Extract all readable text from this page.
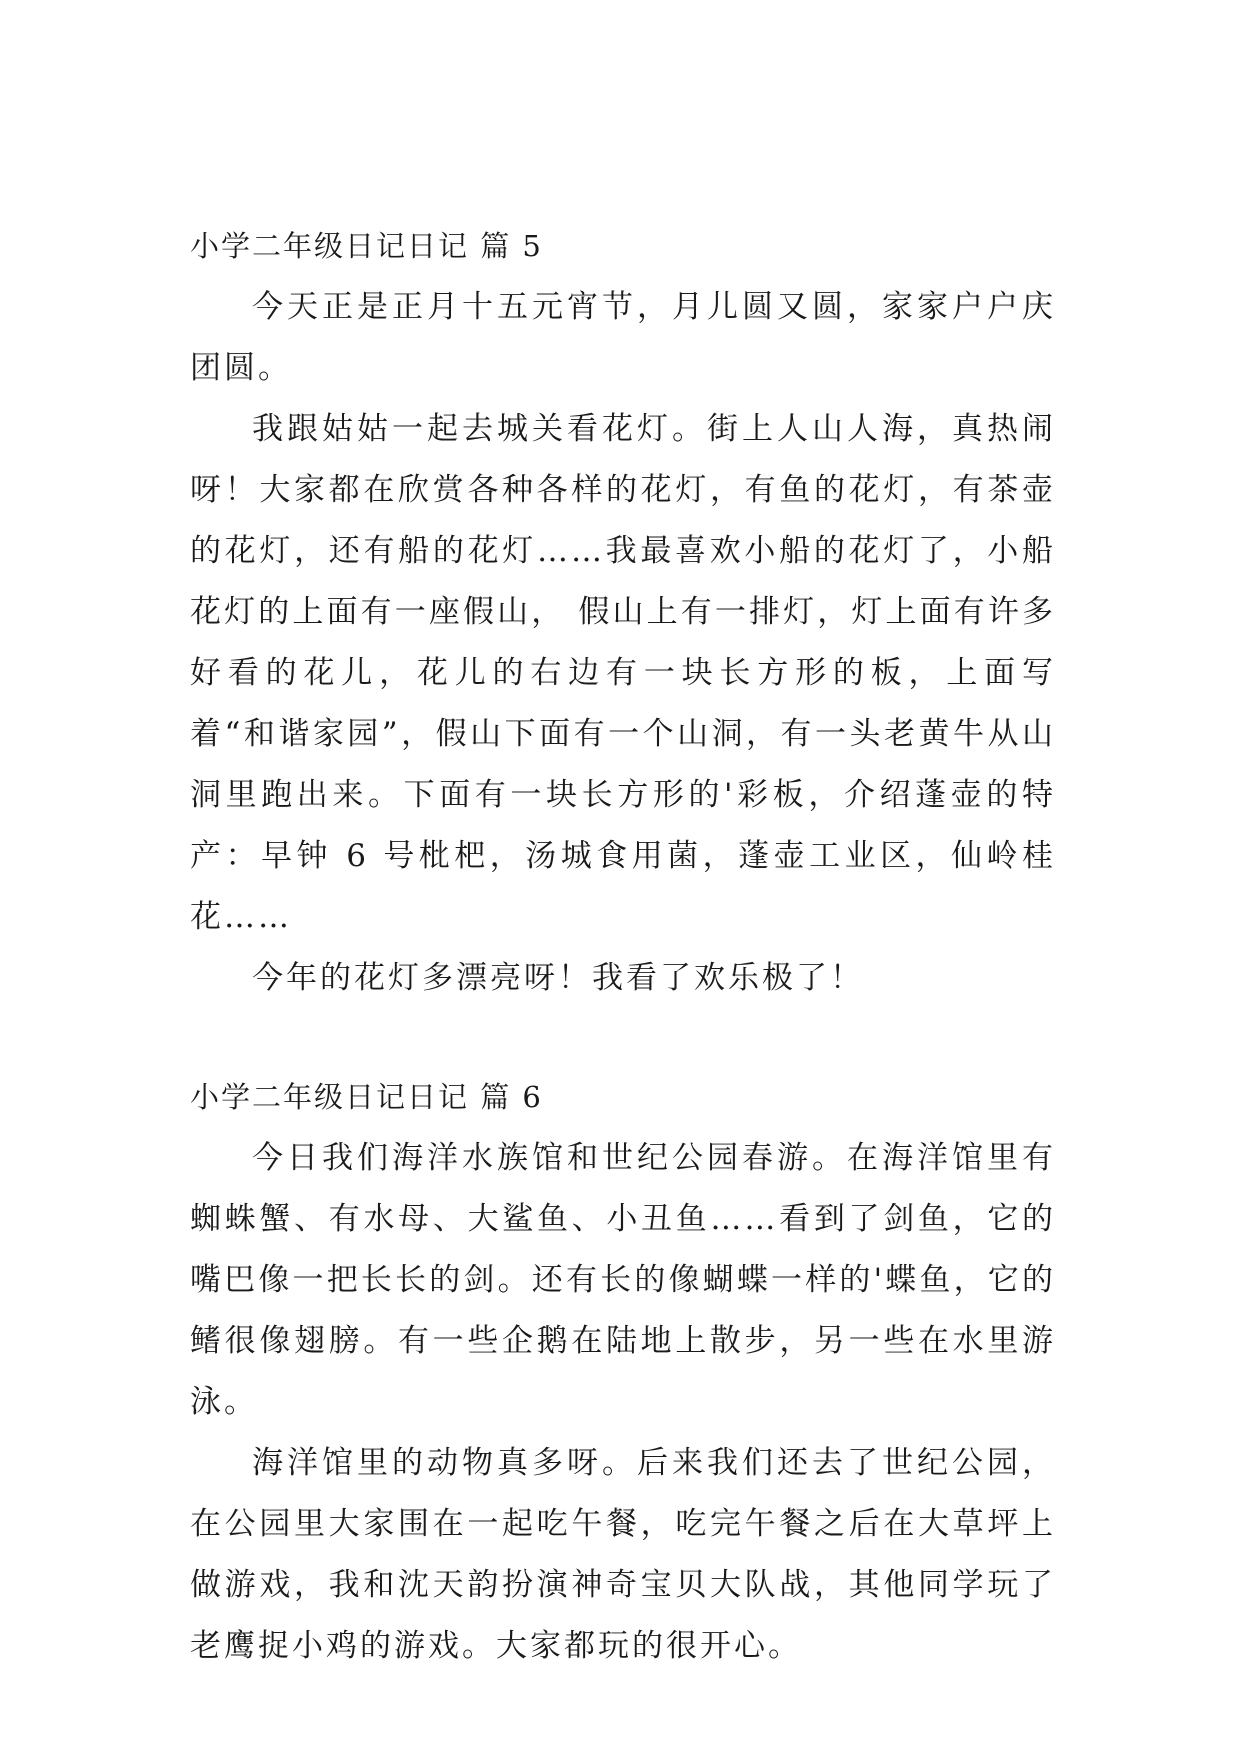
小学二年级日记日记 篇 5

今天正是正月十五元宵节，月儿圆又圆，家家户户庆团圆。

我跟姑姑一起去城关看花灯。街上人山人海，真热闹呀！大家都在欣赏各种各样的花灯，有鱼的花灯，有茶壶的花灯，还有船的花灯……我最喜欢小船的花灯了，小船花灯的上面有一座假山， 假山上有一排灯，灯上面有许多好看的花儿，花儿的右边有一块长方形的板，上面写着“和谐家园”，假山下面有一个山洞，有一头老黄牛从山洞里跑出来。下面有一块长方形的'彩板，介绍蓬壶的特产：早钟 6 号枇杷，汤城食用菌，蓬壶工业区，仙岭桂花……

今年的花灯多漂亮呀！我看了欢乐极了！

小学二年级日记日记 篇 6

今日我们海洋水族馆和世纪公园春游。在海洋馆里有蜘蛛蟹、有水母、大鲨鱼、小丑鱼……看到了剑鱼，它的嘴巴像一把长长的剑。还有长的像蝴蝶一样的'蝶鱼，它的鳍很像翅膀。有一些企鹅在陆地上散步，另一些在水里游泳。

海洋馆里的动物真多呀。后来我们还去了世纪公园，在公园里大家围在一起吃午餐，吃完午餐之后在大草坪上做游戏，我和沈天韵扮演神奇宝贝大队战，其他同学玩了老鹰捉小鸡的游戏。大家都玩的很开心。
